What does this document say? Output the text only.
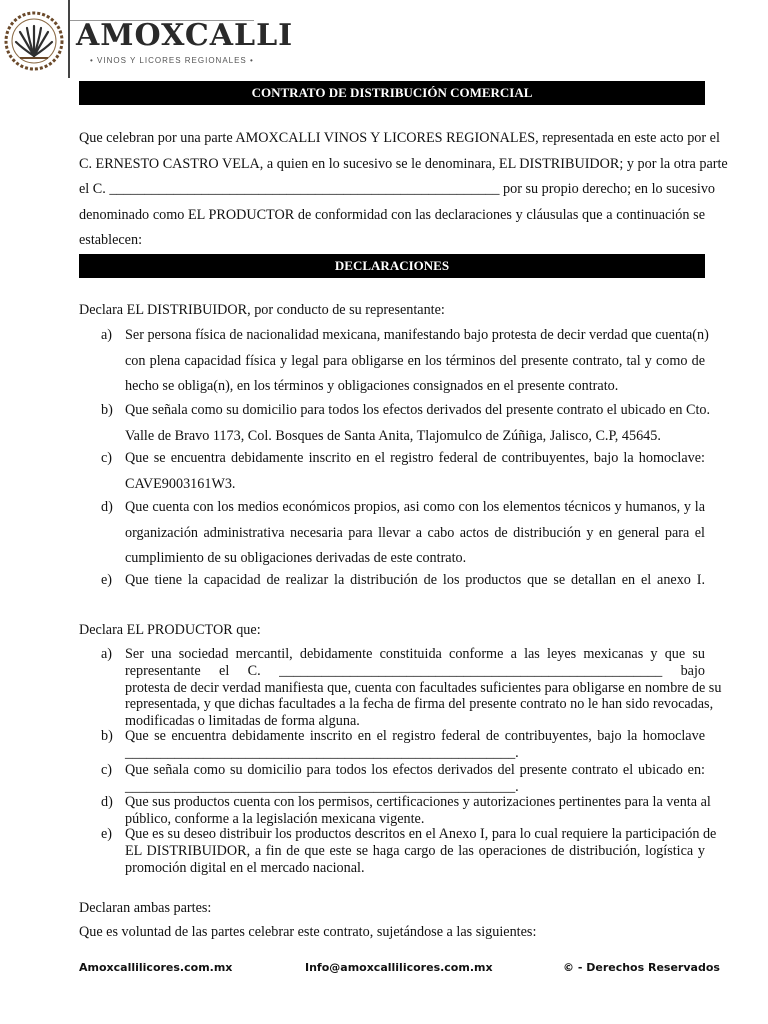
AMOXCALLI
• VINOS Y LICORES REGIONALES •
CONTRATO DE DISTRIBUCIÓN COMERCIAL
Que celebran por una parte AMOXCALLI VINOS Y LICORES REGIONALES, representada en este acto por el
C. ERNESTO CASTRO VELA, a quien en lo sucesivo se le denominara, EL DISTRIBUIDOR; y por la otra parte
el C. _______________________________________________________ por su propio derecho; en lo sucesivo
denominado como EL PRODUCTOR de conformidad con las declaraciones y cláusulas que a continuación se
establecen:
DECLARACIONES
Declara EL DISTRIBUIDOR, por conducto de su representante:
a) Ser persona física de nacionalidad mexicana, manifestando bajo protesta de decir verdad que cuenta(n)
con plena capacidad física y legal para obligarse en los términos del presente contrato, tal y como de
hecho se obliga(n), en los términos y obligaciones consignados en el presente contrato.
b) Que señala como su domicilio para todos los efectos derivados del presente contrato el ubicado en Cto.
Valle de Bravo 1173, Col. Bosques de Santa Anita, Tlajomulco de Zúñiga, Jalisco, C.P, 45645.
c) Que se encuentra debidamente inscrito en el registro federal de contribuyentes, bajo la homoclave:
CAVE9003161W3.
d) Que cuenta con los medios económicos propios, asi como con los elementos técnicos y humanos, y la
organización administrativa necesaria para llevar a cabo actos de distribución y en general para el
cumplimiento de su obligaciones derivadas de este contrato.
e) Que tiene la capacidad de realizar la distribución de los productos que se detallan en el anexo I.
Declara EL PRODUCTOR que:
a) Ser una sociedad mercantil, debidamente constituida conforme a las leyes mexicanas y que su
representante el C. ______________________________________________________ bajo
protesta de decir verdad manifiesta que, cuenta con facultades suficientes para obligarse en nombre de su
representada, y que dichas facultades a la fecha de firma del presente contrato no le han sido revocadas,
modificadas o limitadas de forma alguna.
b) Que se encuentra debidamente inscrito en el registro federal de contribuyentes, bajo la homoclave
_______________________________________________________.
c) Que señala como su domicilio para todos los efectos derivados del presente contrato el ubicado en:
_______________________________________________________.
d) Que sus productos cuenta con los permisos, certificaciones y autorizaciones pertinentes para la venta al
público, conforme a la legislación mexicana vigente.
e) Que es su deseo distribuir los productos descritos en el Anexo I, para lo cual requiere la participación de
EL DISTRIBUIDOR, a fin de que este se haga cargo de las operaciones de distribución, logística y
promoción digital en el mercado nacional.
Declaran ambas partes:
Que es voluntad de las partes celebrar este contrato, sujetándose a las siguientes:
Amoxcallilicores.com.mx	Info@amoxcallilicores.com.mx	© - Derechos Reservados
